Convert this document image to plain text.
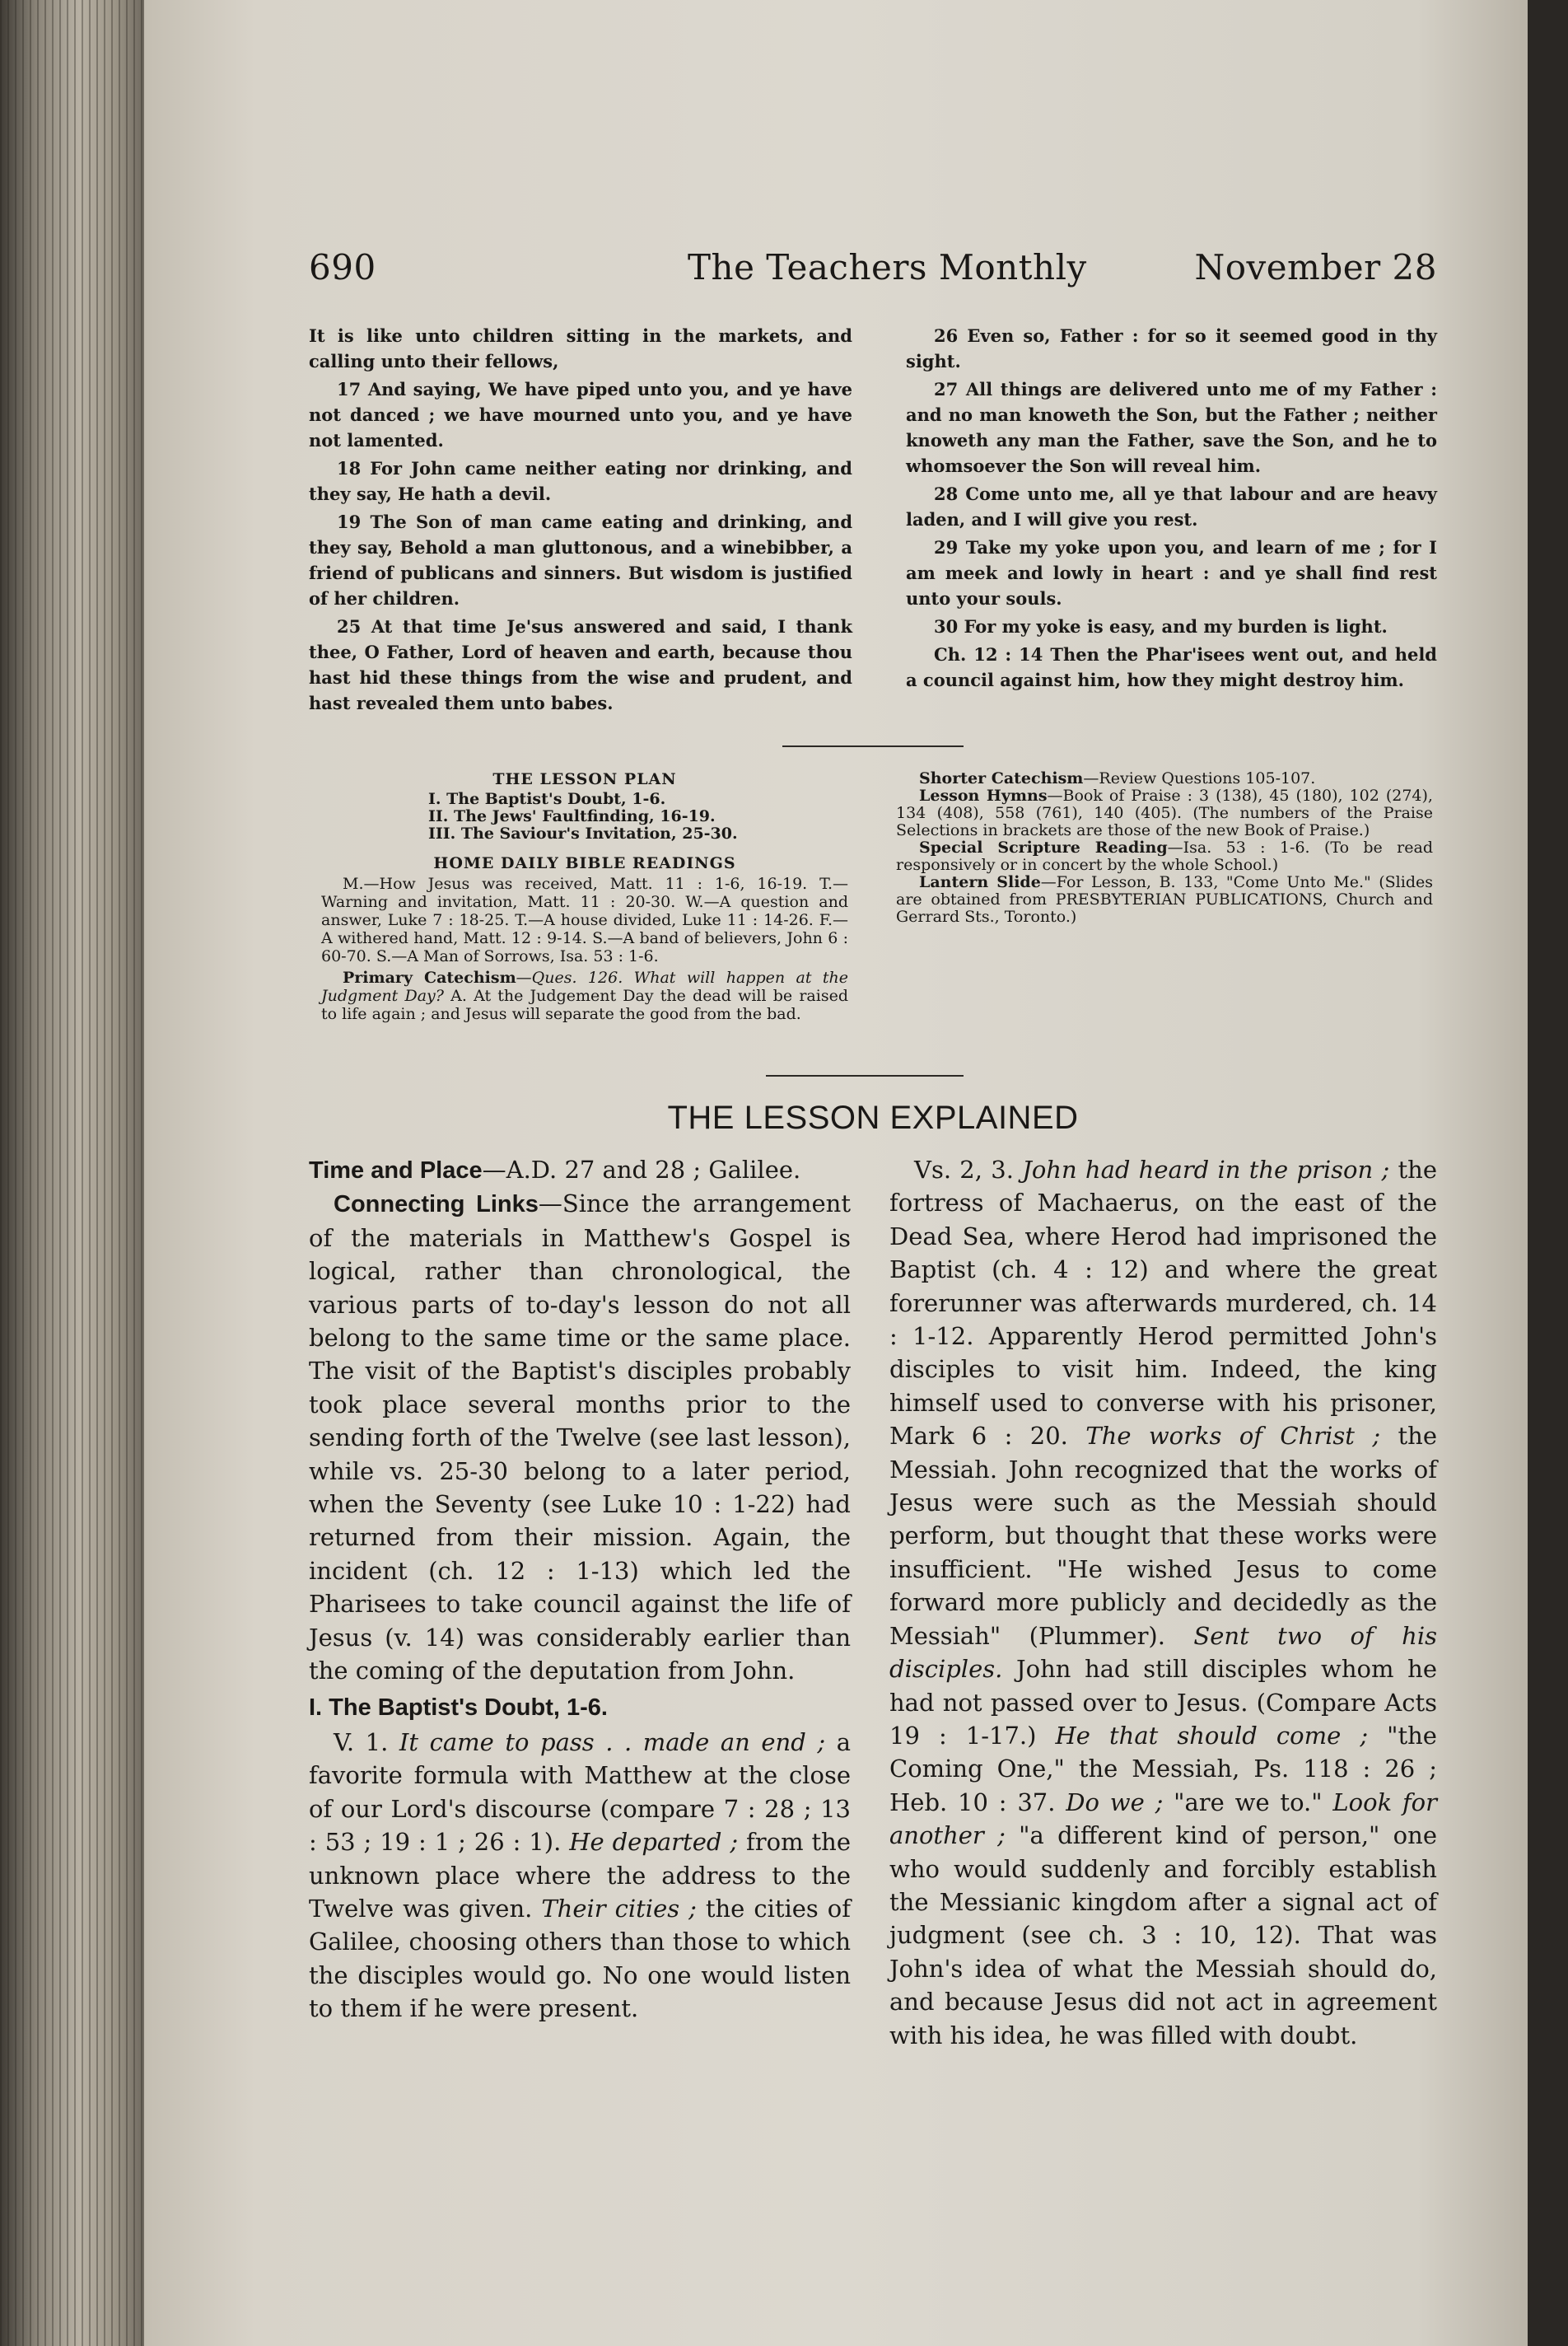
690	The Teachers Monthly	November 28

It is like unto children sitting in the markets, and calling unto their fellows,

17 And saying, We have piped unto you, and ye have not danced ; we have mourned unto you, and ye have not lamented.

18 For John came neither eating nor drinking, and they say, He hath a devil.

19 The Son of man came eating and drinking, and they say, Behold a man gluttonous, and a winebibber, a friend of publicans and sinners. But wisdom is justified of her children.

25 At that time Je'sus answered and said, I thank thee, O Father, Lord of heaven and earth, because thou hast hid these things from the wise and prudent, and hast revealed them unto babes.

26 Even so, Father : for so it seemed good in thy sight.

27 All things are delivered unto me of my Father : and no man knoweth the Son, but the Father ; neither knoweth any man the Father, save the Son, and he to whomsoever the Son will reveal him.

28 Come unto me, all ye that labour and are heavy laden, and I will give you rest.

29 Take my yoke upon you, and learn of me ; for I am meek and lowly in heart : and ye shall find rest unto your souls.

30 For my yoke is easy, and my burden is light.

Ch. 12 : 14 Then the Phar'isees went out, and held a council against him, how they might destroy him.

THE LESSON PLAN
I. The Baptist's Doubt, 1-6.
II. The Jews' Faultfinding, 16-19.
III. The Saviour's Invitation, 25-30.
HOME DAILY BIBLE READINGS
M.—How Jesus was received, Matt. 11 : 1-6, 16-19. T.—Warning and invitation, Matt. 11 : 20-30. W.—A question and answer, Luke 7 : 18-25. T.—A house divided, Luke 11 : 14-26. F.—A withered hand, Matt. 12 : 9-14. S.—A band of believers, John 6 : 60-70. S.—A Man of Sorrows, Isa. 53 : 1-6.
Primary Catechism—Ques. 126. What will happen at the Judgment Day? A. At the Judgement Day the dead will be raised to life again ; and Jesus will separate the good from the bad.

Shorter Catechism—Review Questions 105-107.

Lesson Hymns—Book of Praise : 3 (138), 45 (180), 102 (274), 134 (408), 558 (761), 140 (405). (The numbers of the Praise Selections in brackets are those of the new Book of Praise.)

Special Scripture Reading—Isa. 53 : 1-6. (To be read responsively or in concert by the whole School.)

Lantern Slide—For Lesson, B. 133, "Come Unto Me." (Slides are obtained from PRESBYTERIAN PUBLICATIONS, Church and Gerrard Sts., Toronto.)

THE LESSON EXPLAINED

Time and Place—A.D. 27 and 28 ; Galilee.

Connecting Links—Since the arrangement of the materials in Matthew's Gospel is logical, rather than chronological, the various parts of to-day's lesson do not all belong to the same time or the same place. The visit of the Baptist's disciples probably took place several months prior to the sending forth of the Twelve (see last lesson), while vs. 25-30 belong to a later period, when the Seventy (see Luke 10 : 1-22) had returned from their mission. Again, the incident (ch. 12 : 1-13) which led the Pharisees to take council against the life of Jesus (v. 14) was considerably earlier than the coming of the deputation from John.

I. The Baptist's Doubt, 1-6.

V. 1. It came to pass . . made an end ; a favorite formula with Matthew at the close of our Lord's discourse (compare 7 : 28 ; 13 : 53 ; 19 : 1 ; 26 : 1). He departed ; from the unknown place where the address to the Twelve was given. Their cities ; the cities of Galilee, choosing others than those to which the disciples would go. No one would listen to them if he were present.

Vs. 2, 3. John had heard in the prison ; the fortress of Machaerus, on the east of the Dead Sea, where Herod had imprisoned the Baptist (ch. 4 : 12) and where the great forerunner was afterwards murdered, ch. 14 : 1-12. Apparently Herod permitted John's disciples to visit him. Indeed, the king himself used to converse with his prisoner, Mark 6 : 20. The works of Christ ; the Messiah. John recognized that the works of Jesus were such as the Messiah should perform, but thought that these works were insufficient. "He wished Jesus to come forward more publicly and decidedly as the Messiah" (Plummer). Sent two of his disciples. John had still disciples whom he had not passed over to Jesus. (Compare Acts 19 : 1-17.) He that should come ; "the Coming One," the Messiah, Ps. 118 : 26 ; Heb. 10 : 37. Do we ; "are we to." Look for another ; "a different kind of person," one who would suddenly and forcibly establish the Messianic kingdom after a signal act of judgment (see ch. 3 : 10, 12). That was John's idea of what the Messiah should do, and because Jesus did not act in agreement with his idea, he was filled with doubt.
